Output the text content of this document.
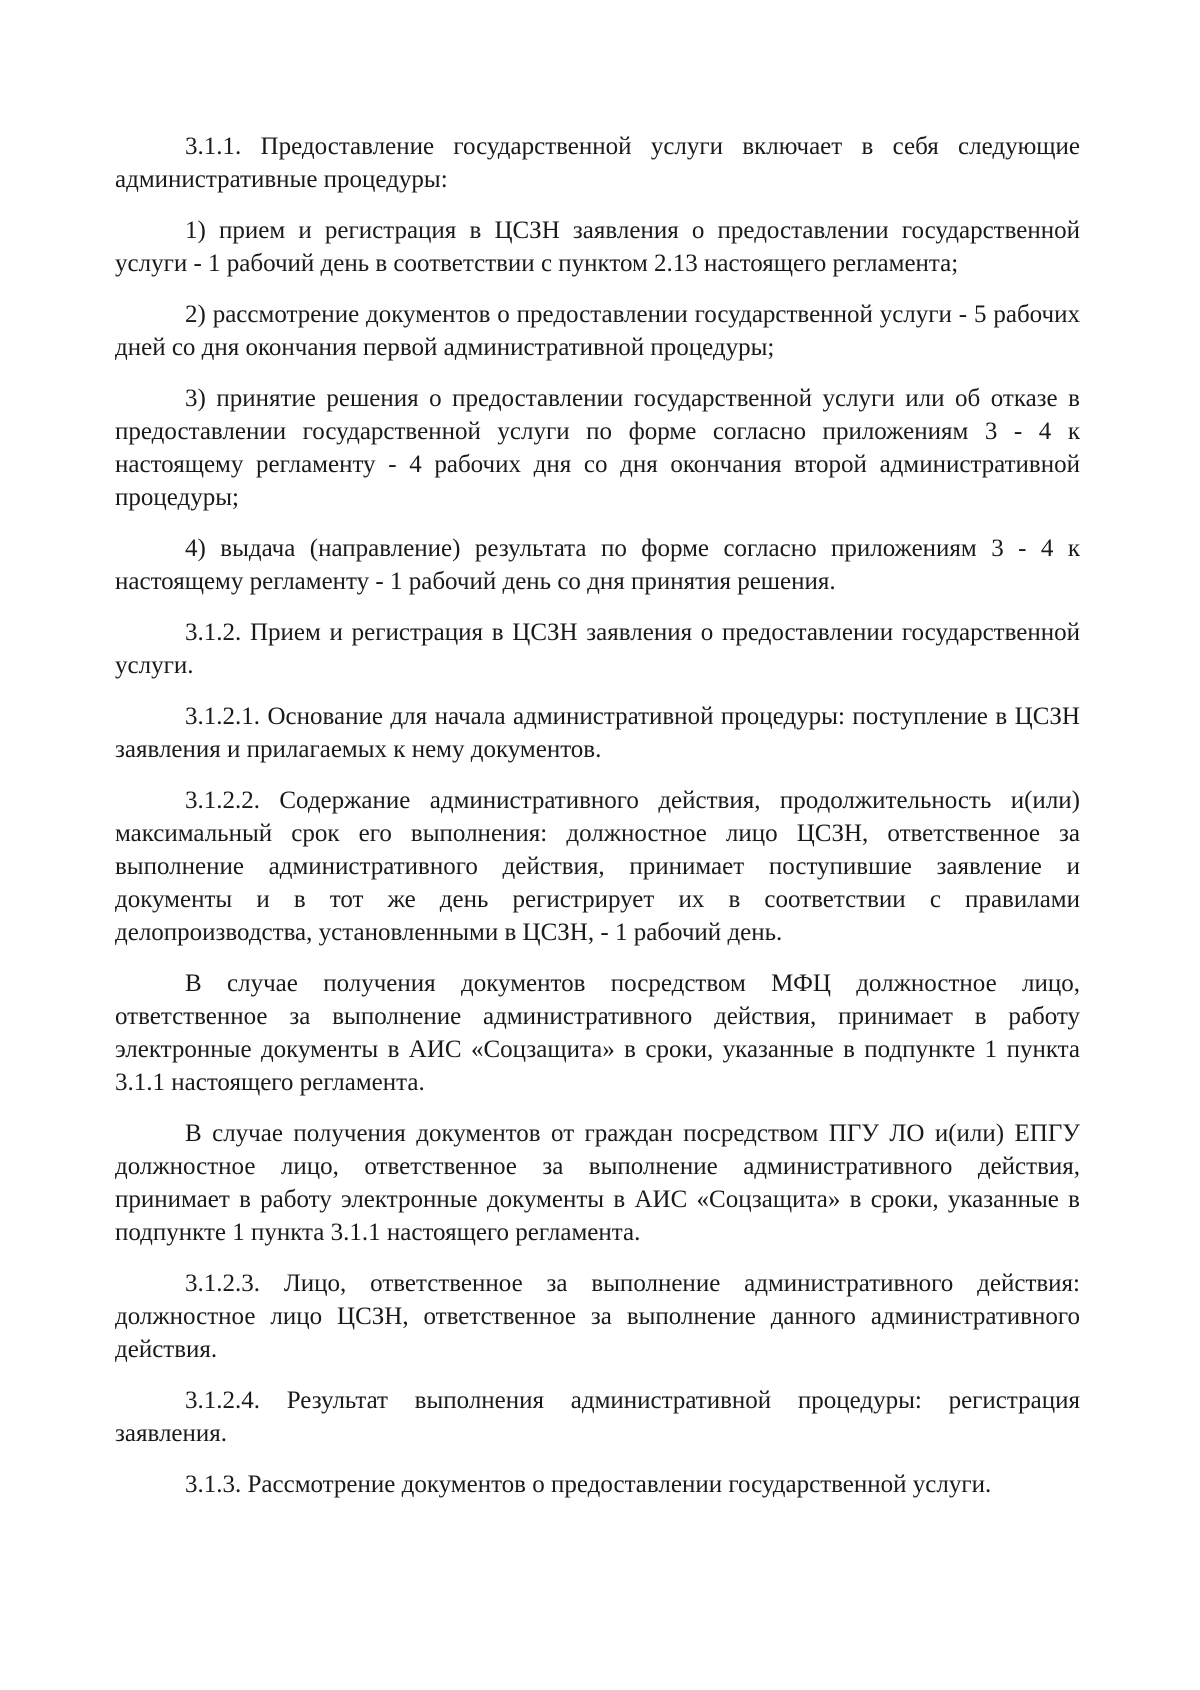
3.1.1. Предоставление государственной услуги включает в себя следующие административные процедуры:

1) прием и регистрация в ЦСЗН заявления о предоставлении государственной услуги - 1 рабочий день в соответствии с пунктом 2.13 настоящего регламента;

2) рассмотрение документов о предоставлении государственной услуги - 5 рабочих дней со дня окончания первой административной процедуры;

3) принятие решения о предоставлении государственной услуги или об отказе в предоставлении государственной услуги по форме согласно приложениям 3 - 4 к настоящему регламенту - 4 рабочих дня со дня окончания второй административной процедуры;

4) выдача (направление) результата по форме согласно приложениям 3 - 4 к настоящему регламенту - 1 рабочий день со дня принятия решения.

3.1.2. Прием и регистрация в ЦСЗН заявления о предоставлении государственной услуги.

3.1.2.1. Основание для начала административной процедуры: поступление в ЦСЗН заявления и прилагаемых к нему документов.

3.1.2.2. Содержание административного действия, продолжительность и(или) максимальный срок его выполнения: должностное лицо ЦСЗН, ответственное за выполнение административного действия, принимает поступившие заявление и документы и в тот же день регистрирует их в соответствии с правилами делопроизводства, установленными в ЦСЗН, - 1 рабочий день.

В случае получения документов посредством МФЦ должностное лицо, ответственное за выполнение административного действия, принимает в работу электронные документы в АИС «Соцзащита» в сроки, указанные в подпункте 1 пункта 3.1.1 настоящего регламента.

В случае получения документов от граждан посредством ПГУ ЛО и(или) ЕПГУ должностное лицо, ответственное за выполнение административного действия, принимает в работу электронные документы в АИС «Соцзащита» в сроки, указанные в подпункте 1 пункта 3.1.1 настоящего регламента.

3.1.2.3. Лицо, ответственное за выполнение административного действия: должностное лицо ЦСЗН, ответственное за выполнение данного административного действия.

3.1.2.4. Результат выполнения административной процедуры: регистрация заявления.

3.1.3. Рассмотрение документов о предоставлении государственной услуги.
